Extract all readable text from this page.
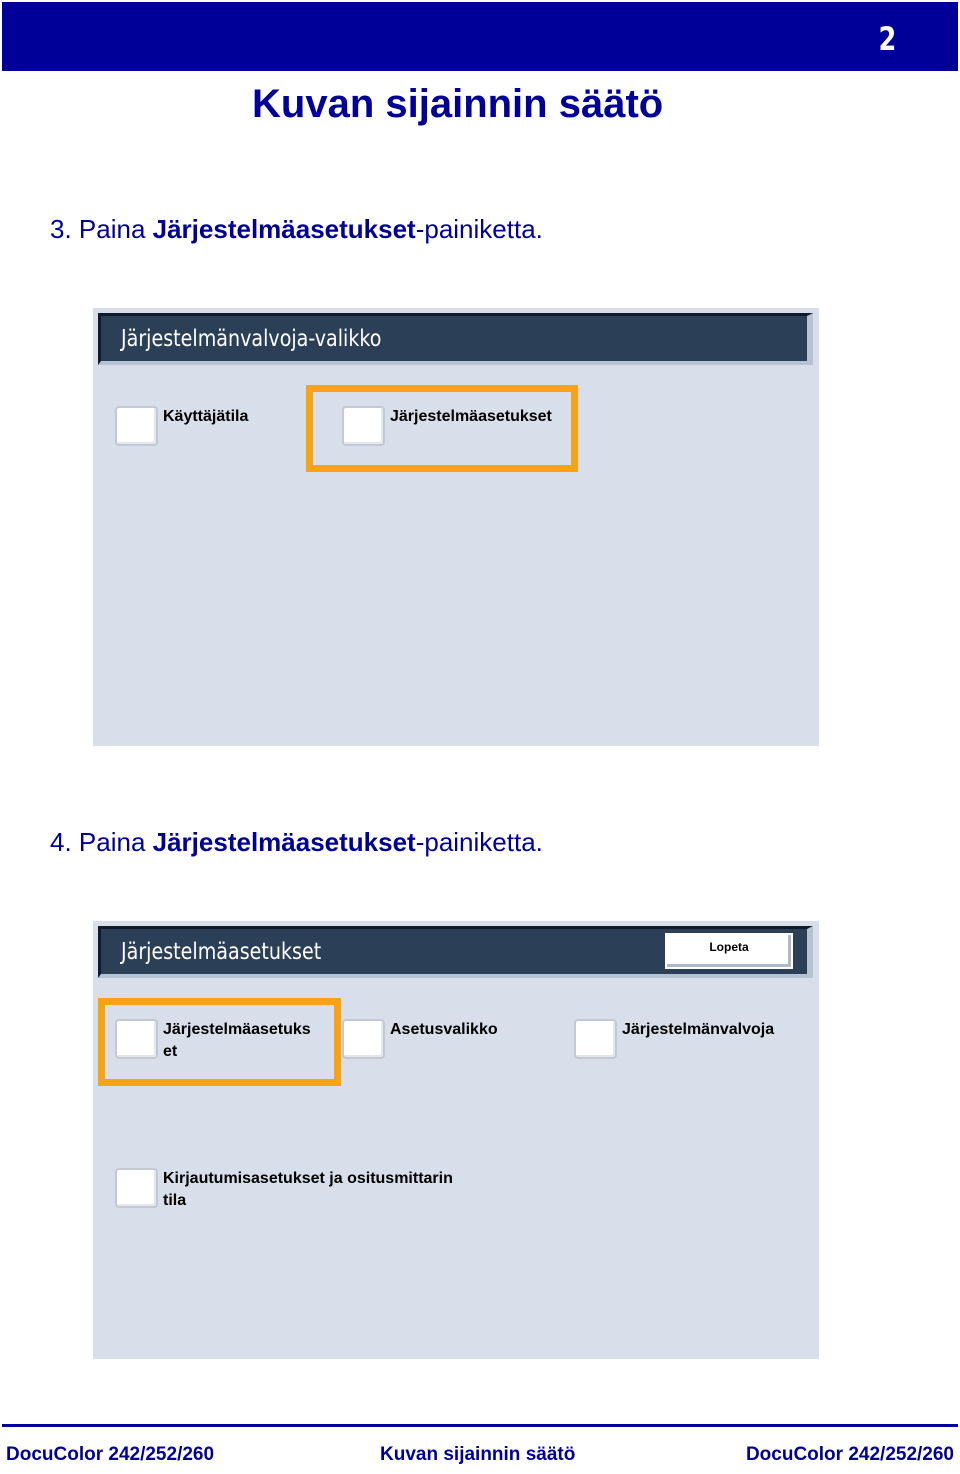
2
Kuvan sijainnin säätö

3. Paina Järjestelmäasetukset-painiketta.

Järjestelmänvalvoja-valikko
Käyttäjätila	Järjestelmäasetukset

4. Paina Järjestelmäasetukset-painiketta.

Järjestelmäasetukset	Lopeta
Järjestelmäasetuks
et
Asetusvalikko	Järjestelmänvalvoja
Kirjautumisasetukset ja ositusmittarin
tila
DocuColor 242/252/260	Kuvan sijainnin säätö	DocuColor 242/252/260
